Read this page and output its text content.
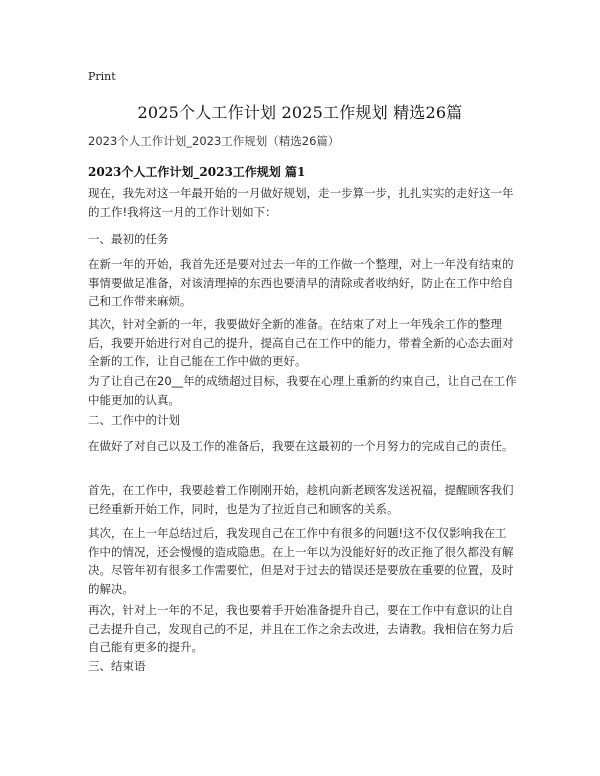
Print
2025个人工作计划 2025工作规划 精选26篇
2023个人工作计划_2023工作规划（精选26篇）
2023个人工作计划_2023工作规划 篇1

现在，我先对这一年最开始的一月做好规划，走一步算一步，扎扎实实的走好这一年的工作!我将这一月的工作计划如下：

一、最初的任务

在新一年的开始，我首先还是要对过去一年的工作做一个整理，对上一年没有结束的事情要做足准备，对该清理掉的东西也要清早的清除或者收纳好，防止在工作中给自己和工作带来麻烦。

其次，针对全新的一年，我要做好全新的准备。在结束了对上一年残余工作的整理后，我要开始进行对自己的提升，提高自己在工作中的能力，带着全新的心态去面对全新的工作，让自己能在工作中做的更好。

为了让自己在20__年的成绩超过目标，我要在心理上重新的约束自己，让自己在工作中能更加的认真。

二、工作中的计划

在做好了对自己以及工作的准备后，我要在这最初的一个月努力的完成自己的责任。

首先，在工作中，我要趁着工作刚刚开始，趁机向新老顾客发送祝福，提醒顾客我们已经重新开始工作，同时，也是为了拉近自己和顾客的关系。

其次，在上一年总结过后，我发现自己在工作中有很多的问题!这不仅仅影响我在工作中的情况，还会慢慢的造成隐患。在上一年以为没能好好的改正拖了很久都没有解决。尽管年初有很多工作需要忙，但是对于过去的错误还是要放在重要的位置，及时的解决。

再次，针对上一年的不足，我也要着手开始准备提升自己，要在工作中有意识的让自己去提升自己，发现自己的不足，并且在工作之余去改进，去请教。我相信在努力后自己能有更多的提升。

三、结束语
